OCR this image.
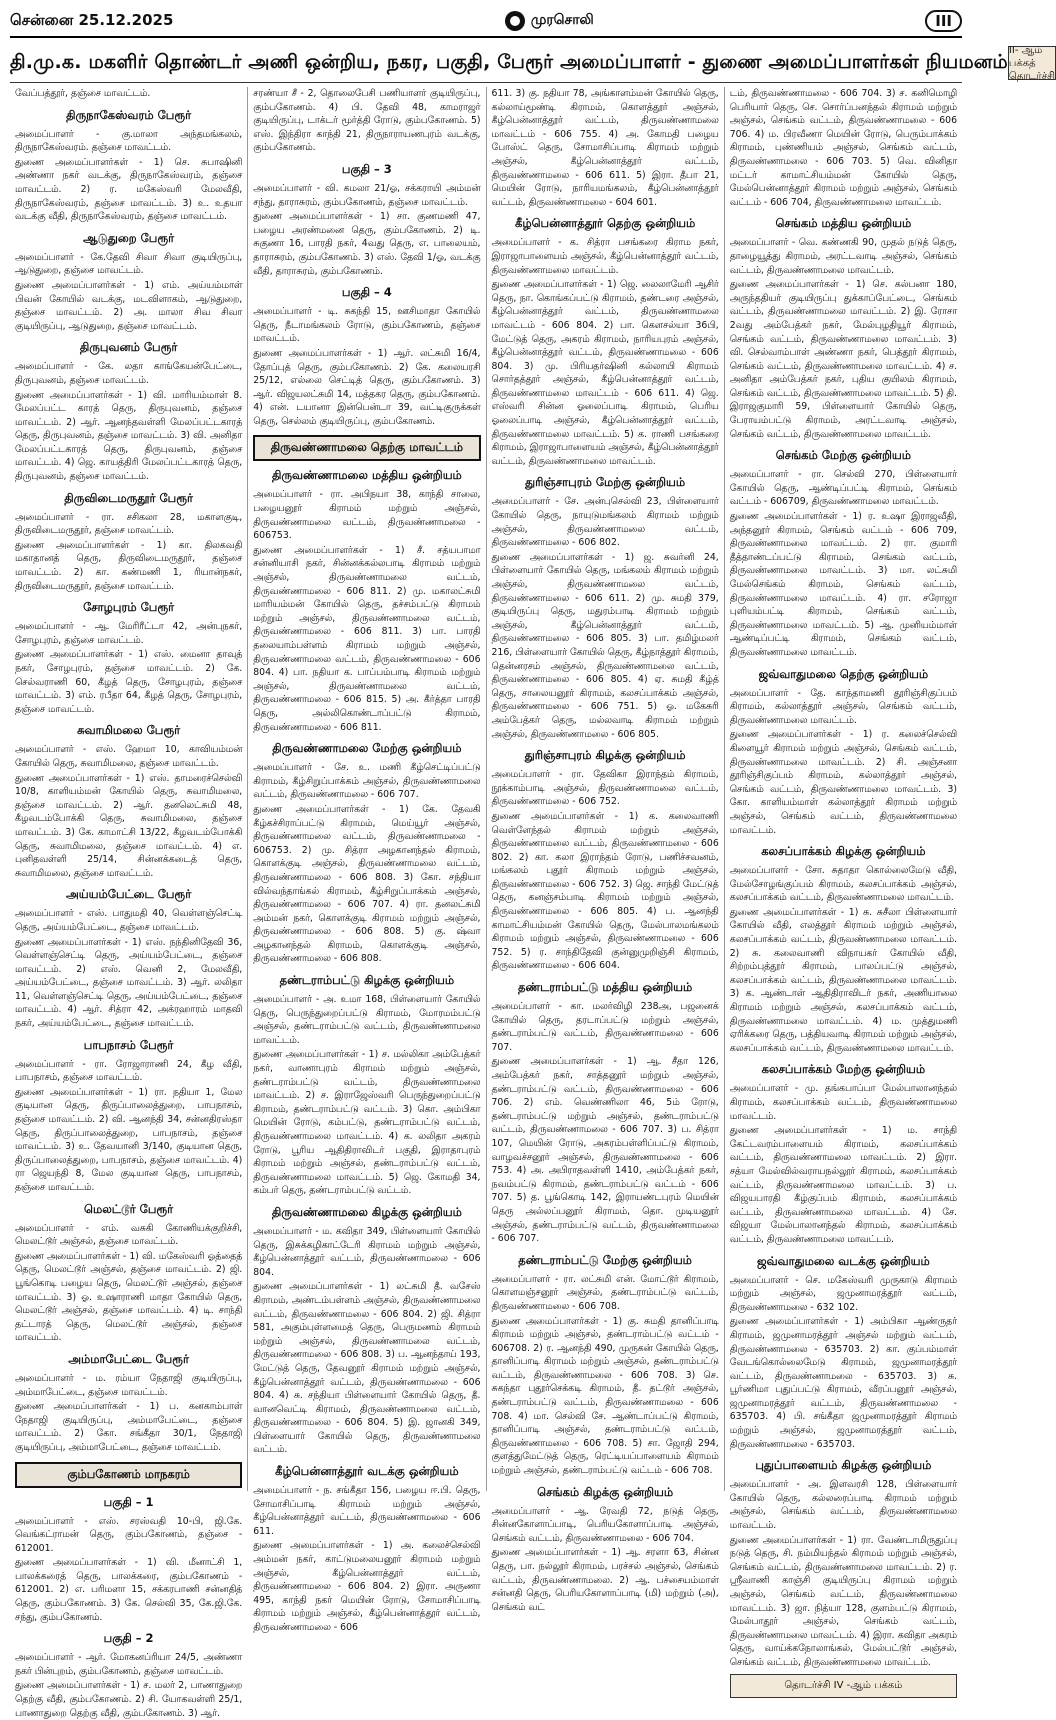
சென்னை 25.12.2025	முரசொலி	III
தி.மு.க. மகளிர் தொண்டர் அணி ஒன்றிய, நகர, பகுதி, பேரூர் அமைப்பாளர் - துணை அமைப்பாளர்கள் நியமனம்
II- ஆம் பக்கத்
தொடர்ச்சி

வேப்பத்தூர், தஞ்சை மாவட்டம்.

திருநாகேஸ்வரம் பேரூர்

அமைப்பாளர் - கு.மாலா அந்தமங்கலம், திருநாகேஸ்வரம். தஞ்சை மாவட்டம்.

துணை அமைப்பாளர்கள் - 1) செ. சுபாஷினி அண்ணா நகர் வடக்கு, திருநாகேஸ்வரம், தஞ்சை மாவட்டம். 2) ர. மகேஸ்வரி மேலவீதி, திருநாகேஸ்வரம், தஞ்சை மாவட்டம். 3) உ. உதயா வடக்கு வீதி, திருநாகேஸ்வரம், தஞ்சை மாவட்டம்.

ஆடுதுறை பேரூர்

அமைப்பாளர் - கே.தேவி சிவா சிவா குடியிருப்பு, ஆடுதுறை, தஞ்சை மாவட்டம்.

துணை அமைப்பாளர்கள் - 1) எம். அய்யம்மாள் பிவன் கோயில் வடக்கு, மடவிளாகம், ஆடுதுறை, தஞ்சை மாவட்டம். 2) அ. மாலா சிவ சிவா குடியிருப்பு, ஆடுதுறை, தஞ்சை மாவட்டம்.

திருபுவனம் பேரூர்

அமைப்பாளர் - கே. லதா காங்கேயன்பேட்டை, திருபுவனம், தஞ்சை மாவட்டம்.

துணை அமைப்பாளர்கள் - 1) வி. மாரியம்மாள் 8. மேலப்பட்ட காரத் தெரு, திருபுவனம், தஞ்சை மாவட்டம். 2) ஆர். ஆனந்தவள்ளி மேலப்பட்டகாரத் தெரு, திருபுவனம், தஞ்சை மாவட்டம். 3) வி. அனிதா மேலப்பட்டகாரத் தெரு, திருபுவனம், தஞ்சை மாவட்டம். 4) ஜெ. காயத்திரி மேலப்பட்டகாரத் தெரு, திருபுவனம், தஞ்சை மாவட்டம்.

திருவிடைமருதூர் பேரூர்

அமைப்பாளர் - ரா. சசிகலா 28, மகாளகுடி, திருவிடைமருதூர், தஞ்சை மாவட்டம்.

துணை அமைப்பாளர்கள் - 1) கா. திலகவதி மகாதானத் தெரு, திருவிடைமருதூர், தஞ்சை மாவட்டம். 2) கா. கண்மணி 1, ரியான்நகர், திருவிடைமருதூர், தஞ்சை மாவட்டம்.

சோழபுரம் பேரூர்

அமைப்பாளர் - ஆ. மேரிரீட்டா 42, அன்புநகர், சோழபுரம், தஞ்சை மாவட்டம்.

துணை அமைப்பாளர்கள் - 1) எஸ். மைனா தாவுத் நகர், சோழபுரம், தஞ்சை மாவட்டம். 2) கே. செல்வராணி 60, கீழத் தெரு, சோழபுரம், தஞ்சை மாவட்டம். 3) எம். ரபீதா 64, கீழத் தெரு, சோழபுரம், தஞ்சை மாவட்டம்.

சுவாமிமலை பேரூர்

அமைப்பாளர் - எஸ். ஹேமா 10, காவியம்மன் கோயில் தெரு, சுவாமிமலை, தஞ்சை மாவட்டம்.

துணை அமைப்பாளர்கள் - 1) எஸ். தாமரைச்செல்வி 10/8, காளியம்மன் கோயில் தெரு, சுவாமிமலை, தஞ்சை மாவட்டம். 2) ஆர். தனலெட்சுமி 48, கீழவடம்போக்கி தெரு, சுவாமிமலை, தஞ்சை மாவட்டம். 3) கே. காமாட்சி 13/22, கீழவடம்போக்கி தெரு, சுவாமிமலை, தஞ்சை மாவட்டம். 4) எ. புனிதவள்ளி 25/14, சின்னக்கடைத் தெரு, சுவாமிமலை, தஞ்சை மாவட்டம்.

அய்யம்பேட்டை பேரூர்

அமைப்பாளர் - எஸ். பாதுமதி 40, வெள்ளஞ்செட்டி தெரு, அய்யம்பேட்டை, தஞ்சை மாவட்டம்.

துணை அமைப்பாளர்கள் - 1) எஸ். நந்தினிதேவி 36, வெள்ளஞ்செட்டி தெரு, அய்யம்பேட்டை, தஞ்சை மாவட்டம். 2) எஸ். வெனி 2, மேலவீதி, அய்யம்பேட்டை, தஞ்சை மாவட்டம். 3) ஆர். லலிதா 11, வெள்ளஞ்செட்டி தெரு, அய்யம்பேட்டை, தஞ்சை மாவட்டம். 4) ஆர். சித்ரா 42, அக்ரஹாரம் மாதவி நகர், அய்யம்பேட்டை, தஞ்சை மாவட்டம்.

பாபநாசம் பேரூர்

அமைப்பாளர் - ரா. ரோஜாராணி 24, கீழ வீதி, பாபநாசம், தஞ்சை மாவட்டம்.

துணை அமைப்பாளர்கள் - 1) ரா. நதியா 1, மேல குடியான தெரு, திருப்பாலைத்துறை, பாபநாசம், தஞ்சை மாவட்டம். 2) வி. ஆனந்தி 34, சன்னதிரஸ்தா தெரு, திருப்பாலைத்துறை, பாபநாசம், தஞ்சை மாவட்டம். 3) உ. தேவயானி 3/140, குடியான தெரு, திருப்பாலைத்துறை, பாபநாசம், தஞ்சை மாவட்டம். 4) ரா ஜெயந்தி 8, மேல குடியான தெரு, பாபநாசம், தஞ்சை மாவட்டம்.

மெலட்டூர் பேரூர்

அமைப்பாளர் - எம். வசுகி கோணியக்குறிச்சி, மெலட்டூர் அஞ்சல், தஞ்சை மாவட்டம்.

துணை அமைப்பாளர்கள் - 1) வி. மகேஸ்வரி ஓத்தைத் தெரு, மெலட்டூர் அஞ்சல், தஞ்சை மாவட்டம். 2) ஜி. பூங்கொடி பழைய தெரு, மெலட்டூர் அஞ்சல், தஞ்சை மாவட்டம். 3) ஓ. உஷாராணி மாதா கோயில் தெரு, மெலட்டூர் அஞ்சல், தஞ்சை மாவட்டம். 4) டி. சாந்தி தட்டாரத் தெரு, மெலட்டூர் அஞ்சல், தஞ்சை மாவட்டம்.

அம்மாபேட்டை பேரூர்

அமைப்பாளர் - ம. ரம்யா நேதாஜி குடியிருப்பு, அம்மாபேட்டை, தஞ்சை மாவட்டம்.

துணை அமைப்பாளர்கள் - 1) ப. கனகாம்பாள் நேதாஜி குடியிருப்பு, அம்மாபேட்டை, தஞ்சை மாவட்டம். 2) கோ. சங்கீதா 30/1, நேதாஜி குடியிருப்பு, அம்மாபேட்டை, தஞ்சை மாவட்டம்.

கும்பகோணம் மாநகரம்
பகுதி – 1

அமைப்பாளர் - எஸ். சரஸ்வதி 10-பி, ஜி.கே. வெங்கட்ராமன் தெரு, கும்பகோணம், தஞ்சை - 612001.

துணை அமைப்பாளர்கள் - 1) வி. மீனாட்சி 1, பாலக்கரைத் தெரு, பாலக்கரை, கும்பகோணம் - 612001. 2) எ. பரிமளா 15, சக்கரபாணி சன்னதித் தெரு, கும்பகோணம். 3) கே. செல்வி 35, கே.ஜி.கே. சந்து, கும்பகோணம்.

பகுதி – 2

அமைப்பாளர் - ஆர். மோகனப்ரியா 24/5, அண்ணா நகர் பின்புறம், கும்பகோணம், தஞ்சை மாவட்டம்.

துணை அமைப்பாளர்கள் - 1) ச. மலர் 2, பாணாதுறை தெற்கு வீதி, கும்பகோணம். 2) சி. யோகவள்ளி 25/1, பாணாதுறை தெற்கு வீதி, கும்பகோணம். 3) ஆர்.

சரண்யா சீ - 2, தொலைபேசி பணியாளர் குடியிருப்பு, கும்பகோணம். 4) பி. தேவி 48, காமராஜர் குடியிருப்பு, டாக்டர் மூர்த்தி ரோடு, கும்பகோணம். 5) எஸ். இந்திரா காந்தி 21, திருநாராயணபுரம் வடக்கு, கும்பகோணம்.

பகுதி – 3

அமைப்பாளர் - வி. கமலா 21/ஓ, சக்கராயி அம்மன் சந்து, தாராசுரம், கும்பகோணம், தஞ்சை மாவட்டம்.

துணை அமைப்பாளர்கள் - 1) சா. குணமணி 47, பழைய அரண்மனை தெரு, கும்பகோணம். 2) டி. சுகுணா 16, பாரதி நகர், 4வது தெரு, எ. பாலையம், தாராசுரம், கும்பகோணம். 3) எஸ். தேவி 1/ஓ, வடக்கு வீதி, தாராசுரம், கும்பகோணம்.

பகுதி – 4

அமைப்பாளர் - டி. சுகந்தி 15, ஊசிமாதா கோயில் தெரு, நீடாமங்கலம் ரோடு, கும்பகோணம், தஞ்சை மாவட்டம்.

துணை அமைப்பாளர்கள் - 1) ஆர். லட்சுமி 16/4, தோப்புத் தெரு, கும்பகோணம். 2) கே. கலையரசி 25/12, எல்லை செட்டித் தெரு, கும்பகோணம். 3) ஆர். விஜயலட்சுமி 14, மத்தகர தெரு, கும்பகோணம். 4) என். டயானா இன்பென்டா 39, வட்டிகுருக்கள் தெரு, செல்லம் குடியிருப்பு, கும்பகோணம்.

திருவண்ணாமலை தெற்கு மாவட்டம்
திருவண்ணாமலை மத்திய ஒன்றியம்

அமைப்பாளர் - ரா. அபிநயா 38, காந்தி சாலை, பழையனூர் கிராமம் மற்றும் அஞ்சல், திருவண்ணாமலை வட்டம், திருவண்ணாமலை - 606753.

துணை அமைப்பாளர்கள் - 1) சீ. சத்யபாமா சன்னியாசி நகர், சின்னக்கல்லபாடி கிராமம் மற்றும் அஞ்சல், திருவண்ணாமலை வட்டம், திருவண்ணாமலை - 606 811. 2) மு. மகாலட்சுமி மாரியம்மன் கோயில் தெரு, தச்சம்பட்டு கிராமம் மற்றும் அஞ்சல், திருவண்ணாமலை வட்டம், திருவண்ணாமலை - 606 811. 3) பா. பாரதி தலையாம்பள்ளம் கிராமம் மற்றும் அஞ்சல், திருவண்ணாமலை வட்டம், திருவண்ணாமலை - 606 804. 4) பா. நதியா க. பாப்பம்பாடி கிராமம் மற்றும் அஞ்சல், திருவண்ணாமலை வட்டம், திருவண்ணாமலை - 606 815. 5) அ. கீர்த்தா பாரதி தெரு, அல்லிகொண்டாப்பட்டு கிராமம், திருவண்ணாமலை - 606 811.

திருவண்ணாமலை மேற்கு ஒன்றியம்

அமைப்பாளர் - சே. உ. மணி கீழ்செட்டிப்பட்டு கிராமம், கீழ்சிறுப்பாக்கம் அஞ்சல், திருவண்ணாமலை வட்டம், திருவண்ணாமலை - 606 707.

துணை அமைப்பாளர்கள் - 1) கே. தேவகி கீழ்கச்சிராப்பட்டு கிராமம், மெய்யூர் அஞ்சல், திருவண்ணாமலை வட்டம், திருவண்ணாமலை - 606753. 2) மு. சித்ரா அழகானந்தல் கிராமம், கொளக்குடி அஞ்சல், திருவண்ணாமலை வட்டம், திருவண்ணாமலை - 606 808. 3) கோ. சந்தியா வில்வந்தாங்கல் கிராமம், கீழ்சிறுப்பாக்கம் அஞ்சல், திருவண்ணாமலை - 606 707. 4) ரா. தனலட்சுமி அம்மன் நகர், கொளக்குடி கிராமம் மற்றும் அஞ்சல், திருவண்ணாமலை - 606 808. 5) கு. ஷ்வா அழகானந்தல் கிராமம், கொளக்குடி அஞ்சல், திருவண்ணாமலை - 606 808.

தண்டராம்பட்டு கிழக்கு ஒன்றியம்

அமைப்பாளர் - அ. உமா 168, பிள்ளையார் கோயில் தெரு, பெருந்துறைப்பட்டு கிராமம், மோரமம்பட்டு அஞ்சல், தண்டராம்பட்டு வட்டம், திருவண்ணாமலை மாவட்டம்.

துணை அமைப்பாளர்கள் - 1) ச. மல்லிகா அம்பேத்கர் நகர், வாணாபுரம் கிராமம் மற்றும் அஞ்சல், தண்டராம்பட்டு வட்டம், திருவண்ணாமலை மாவட்டம். 2) ச. இராஜேஸ்வரி பெருந்துறைப்பட்டு கிராமம், தண்டராம்பட்டு வட்டம். 3) கொ. அம்பிகா மெயின் ரோடு, கம்பட்டு, தண்டராம்பட்டு வட்டம், திருவண்ணாமலை மாவட்டம். 4) க. லலிதா அகரம் ரோடு, பூரிய ஆதிதிராவிடர் பகுதி, இராதாபுரம் கிராமம் மற்றும் அஞ்சல், தண்டராம்பட்டு வட்டம், திருவண்ணாமலை மாவட்டம். 5) ஜெ. கோமதி 34, கம்பர் தெரு, தண்டராம்பட்டு வட்டம்.

திருவண்ணாமலை கிழக்கு ஒன்றியம்

அமைப்பாளர் - ம. கவிதா 349, பிள்ளையார் கோயில் தெரு, இசுக்கழிகாட்டேரி கிராமம் மற்றும் அஞ்சல், கீழ்பென்னாத்தூர் வட்டம், திருவண்ணாமலை - 606 804.

துணை அமைப்பாளர்கள் - 1) லட்சுமி தீ. வசேஸ் கிராமம், அண்டம்பள்ளம் அஞ்சல், திருவண்ணாமலை வட்டம், திருவண்ணாமலை - 606 804. 2) ஜி. சித்ரா 581, அகும்புள்ளமைத் தெரு, பெருமணம் கிராமம் மற்றும் அஞ்சல், திருவண்ணாமலை வட்டம், திருவண்ணாமலை - 606 808. 3) ப. ஆனந்தாய் 193, மேட்டுத் தெரு, தேவனூர் கிராமம் மற்றும் அஞ்சல், கீழ்பென்னாத்தூர் வட்டம், திருவண்ணாமலை - 606 804. 4) சு. சந்தியா பிள்ளையார் கோயில் தெரு, தீ. வானவெட்டி கிராமம், திருவண்ணாமலை வட்டம், திருவண்ணாமலை - 606 804. 5) இ. ஜானகி 349, பிள்ளையார் கோயில் தெரு, திருவண்ணாமலை வட்டம்.

கீழ்பென்னாத்தூர் வடக்கு ஒன்றியம்

அமைப்பாளர் - ந. சங்கீதா 156, பழைய ஈ.பி. தெரு, சோமாசிப்பாடி கிராமம் மற்றும் அஞ்சல், கீழ்பென்னாத்தூர் வட்டம், திருவண்ணாமலை - 606 611.

துணை அமைப்பாளர்கள் - 1) அ. கலைச்செல்வி அம்மன் நகர், காட்டுமலையனூர் கிராமம் மற்றும் அஞ்சல், கீழ்பென்னாத்தூர் வட்டம், திருவண்ணாமலை - 606 804. 2) இரா. அருணா 495, காந்தி நகர் மெயின் ரோடு, சோமாசிப்பாடி கிராமம் மற்றும் அஞ்சல், கீழ்பென்னாத்தூர் வட்டம், திருவண்ணாமலை - 606

611. 3) கு. நதியா 78, அங்காளம்மன் கோயில் தெரு, கல்லாய்மூண்டி கிராமம், கொளத்தூர் அஞ்சல், கீழ்பென்னாத்தூர் வட்டம், திருவண்ணாமலை மாவட்டம் - 606 755. 4) அ. கோமதி பழைய போஸ்ட் தெரு, சோமாசிப்பாடி கிராமம் மற்றும் அஞ்சல், கீழ்பென்னாத்தூர் வட்டம், திருவண்ணாமலை - 606 611. 5) இரா. தீபா 21, மெயின் ரோடு, நாரியமங்கலம், கீழ்பென்னாத்தூர் வட்டம், திருவண்ணாமலை - 604 601.

கீழ்பென்னாத்தூர் தெற்கு ஒன்றியம்

அமைப்பாளர் - க. சித்ரா பசங்கரை கிராம நகர், இராஜாபாளையம் அஞ்சல், கீழ்பென்னாத்தூர் வட்டம், திருவண்ணாமலை மாவட்டம்.

துணை அமைப்பாளர்கள் - 1) ஜெ. லைலாமேரி ஆசிர் தெரு, நா. கொங்கப்பட்டு கிராமம், தண்டரை அஞ்சல், கீழ்பென்னாத்தூர் வட்டம், திருவண்ணாமலை மாவட்டம் - 606 804. 2) பா. கௌசல்யா 36பி, மேட்டுத் தெரு, அகரம் கிராமம், நாரியபுரம் அஞ்சல், கீழ்பென்னாத்தூர் வட்டம், திருவண்ணாமலை - 606 804. 3) மு. பிரியதர்ஷினி கல்லாயி கிராமம் சொர்தத்தூர் அஞ்சல், கீழ்பென்னாத்தூர் வட்டம், திருவண்ணாமலை மாவட்டம் - 606 611. 4) ஜெ. எஸ்வரி சின்ன ஓலைப்பாடி கிராமம், பெரிய ஓலைப்பாடி அஞ்சல், கீழ்பென்னாத்தூர் வட்டம், திருவண்ணாமலை மாவட்டம். 5) க. ராணி பசங்கரை கிராமம், இராஜாபாளையம் அஞ்சல், கீழ்பென்னாத்தூர் வட்டம், திருவண்ணாமலை மாவட்டம்.

துரிஞ்சாபுரம் மேற்கு ஒன்றியம்

அமைப்பாளர் - சே. அன்புசெல்வி 23, பிள்ளையார் கோயில் தெரு, நாயுடுமங்கலம் கிராமம் மற்றும் அஞ்சல், திருவண்ணாமலை வட்டம், திருவண்ணாமலை - 606 802.

துணை அமைப்பாளர்கள் - 1) ஜ. சுவர்னி 24, பிள்ளையார் கோயில் தெரு, மங்கலம் கிராமம் மற்றும் அஞ்சல், திருவண்ணாமலை வட்டம், திருவண்ணாமலை - 606 611. 2) மு. சுமதி 379, குடியிருப்பு தெரு, மதுரம்பாடி கிராமம் மற்றும் அஞ்சல், கீழ்பென்னாத்தூர் வட்டம், திருவண்ணாமலை - 606 805. 3) பா. தமிழ்மலர் 216, பிள்ளையார் கோயில் தெரு, கீழ்நாத்தூர் கிராமம், தென்னரசம் அஞ்சல், திருவண்ணாமலை வட்டம், திருவண்ணாமலை - 606 805. 4) ஏ. சுமதி கீழ்த் தெரு, சாலையனூர் கிராமம், கலசப்பாக்கம் அஞ்சல், திருவண்ணாமலை - 606 751. 5) ஓ. மகேசுரி அம்பேத்கர் தெரு, மல்லவாடி கிராமம் மற்றும் அஞ்சல், திருவண்ணாமலை - 606 805.

துரிஞ்சாபுரம் கிழக்கு ஒன்றியம்

அமைப்பாளர் - ரா. தேவிகா இராந்தம் கிராமம், நூக்காம்பாடி அஞ்சல், திருவண்ணாமலை வட்டம், திருவண்ணாமலை - 606 752.

துணை அமைப்பாளர்கள் - 1) க. கலைவாணி வெள்ளேந்தல் கிராமம் மற்றும் அஞ்சல், திருவண்ணாமலை வட்டம், திருவண்ணாமலை - 606 802. 2) கா. கலா இராந்தம் ரோடு, பணிச்சவனம், மங்கலம் புதூர் கிராமம் மற்றும் அஞ்சல், திருவண்ணாமலை - 606 752. 3) ஜெ. சாந்தி மேட்டுத் தெரு, கனஞ்சம்பாடி கிராமம் மற்றும் அஞ்சல், திருவண்ணாமலை - 606 805. 4) ப. ஆனந்தி காமாட்சியம்மன் கோயில் தெரு, மேல்பாலமங்கலம் கிராமம் மற்றும் அஞ்சல், திருவண்ணாமலை - 606 752. 5) ர. சாந்திதேவி குன்னுமுறிஞ்சி கிராமம், திருவண்ணாமலை - 606 604.

தண்டராம்பட்டு மத்திய ஒன்றியம்

அமைப்பாளர் - கா. மலர்விழி 238அ, பஜனைக் கோயில் தெரு, தரடாப்பட்டு மற்றும் அஞ்சல், தண்டராம்பட்டு வட்டம், திருவண்ணாமலை - 606 707.

துணை அமைப்பாளர்கள் - 1) ஆ. சீதா 126, அம்பேத்கர் நகர், சாத்தனூர் மற்றும் அஞ்சல், தண்டராம்பட்டு வட்டம், திருவண்ணாமலை - 606 706. 2) எம். வெண்ணிலா 46, 5ம் ரோடு, தண்டராம்பட்டு மற்றும் அஞ்சல், தண்டராம்பட்டு வட்டம், திருவண்ணாமலை - 606 707. 3) ப. சித்ரா 107, மெயின் ரோடு, அகரம்பள்ளிப்பட்டு கிராமம், வாழவச்சனூர் அஞ்சல், திருவண்ணாமலை - 606 753. 4) அ. அபிராதவள்ளி 1410, அம்பேத்கர் நகர், நவம்பட்டு கிராமம், தண்டராம்பட்டு வட்டம் - 606 707. 5) த. பூங்கொடி 142, இராயண்டபுரம் மெயின் தெரு அல்லப்பனூர் கிராமம், தொ. முடியனூர் அஞ்சல், தண்டராம்பட்டு வட்டம், திருவண்ணாமலை - 606 707.

தண்டராம்பட்டு மேற்கு ஒன்றியம்

அமைப்பாளர் - ரா. லட்சுமி என். மோட்டூர் கிராமம், கொளமஞ்சனூர் அஞ்சல், தண்டராம்பட்டு வட்டம், திருவண்ணாமலை - 606 708.

துணை அமைப்பாளர்கள் - 1) கு. சுமதி தானிப்பாடி கிராமம் மற்றும் அஞ்சல், தண்டராம்பட்டு வட்டம் - 606708. 2) ர. ஆனந்தி 490, முருகன் கோயில் தெரு, தானிப்பாடி கிராமம் மற்றும் அஞ்சல், தண்டராம்பட்டு வட்டம், திருவண்ணாமலை - 606 708. 3) செ. சுகந்தா புதூர்செக்கடி கிராமம், தீ. தட்டூர் அஞ்சல், தண்டராம்பட்டு வட்டம், திருவண்ணாமலை - 606 708. 4) மா. செல்வி சே. ஆண்டாப்பட்டு கிராமம், தானிப்பாடி அஞ்சல், தண்டராம்பட்டு வட்டம், திருவண்ணாமலை - 606 708. 5) சா. ஜோதி 294, குளத்துமேட்டுத் தெரு, ரெட்டியப்பாளையம் கிராமம் மற்றும் அஞ்சல், தண்டராம்பட்டு வட்டம் - 606 708.

செங்கம் கிழக்கு ஒன்றியம்

அமைப்பாளர் - ஆ. ரேவதி 72, நடுத் தெரு, சின்னகோளாப்பாடி, பெரியகோளாப்பாடி அஞ்சல், செங்கம் வட்டம், திருவண்ணாமலை - 606 704.

துணை அமைப்பாளர்கள் - 1) ஆ. சரளா 63, சின்ன தெரு, பா. நல்லூர் கிராமம், பரச்சல் அஞ்சல், செங்கம் வட்டம், திருவண்ணாமலை. 2) ஆ. பச்சையம்மாள் சன்னதி தெரு, பெரியகோளாப்பாடி (மி) மற்றும் (அ), செங்கம் வட்

டம், திருவண்ணாமலை - 606 704. 3) ச. கனிமொழி பெரியார் தெரு, செ. சொர்ப்பனந்தல் கிராமம் மற்றும் அஞ்சல், செங்கம் வட்டம், திருவண்ணாமலை - 606 706. 4) ம. பிரவீணா மெயின் ரோடு, பெரும்பாக்கம் கிராமம், புண்ணியம் அஞ்சல், செங்கம் வட்டம், திருவண்ணாமலை - 606 703. 5) வெ. வினிதா மட்டர் காமாட்சியம்மன் கோயில் தெரு, மேல்பென்னாத்தூர் கிராமம் மற்றும் அஞ்சல், செங்கம் வட்டம் - 606 704, திருவண்ணாமலை மாவட்டம்.

செங்கம் மத்திய ஒன்றியம்

அமைப்பாளர் - வெ. கண்ணகி 90, முதல் நடுத் தெரு, தாழையூத்து கிராமம், அரட்டவாடி அஞ்சல், செங்கம் வட்டம், திருவண்ணாமலை மாவட்டம்.

துணை அமைப்பாளர்கள் - 1) செ. கல்பனா 180, அருந்ததியர் குடியிருப்பு துக்காப்பேட்டை, செங்கம் வட்டம், திருவண்ணாமலை மாவட்டம். 2) இ. ரோசா 2வது அம்பேத்கர் நகர், மேல்புழதியூர் கிராமம், செங்கம் வட்டம், திருவண்ணாமலை மாவட்டம். 3) வி. செல்வாம்பாள் அண்ணா நகர், பெத்தூர் கிராமம், செங்கம் வட்டம், திருவண்ணாமலை மாவட்டம். 4) ச. அனிதா அம்பேத்கர் நகர், புதிய குயிலம் கிராமம், செங்கம் வட்டம், திருவண்ணாமலை மாவட்டம். 5) தி. இராஜகுமாரி 59, பிள்ளையார் கோயில் தெரு, பேராயம்பட்டு கிராமம், அரட்டவாடி அஞ்சல், செங்கம் வட்டம், திருவண்ணாமலை மாவட்டம்.

செங்கம் மேற்கு ஒன்றியம்

அமைப்பாளர் - ரா. செல்வி 270, பிள்ளையார் கோயில் தெரு, ஆண்டிப்பட்டி கிராமம், செங்கம் வட்டம் - 606709, திருவண்ணாமலை மாவட்டம்.

துணை அமைப்பாளர்கள் - 1) ர. உஷா இராஜவீதி, அந்தனூர் கிராமம், செங்கம் வட்டம் - 606 709, திருவண்ணாமலை மாவட்டம். 2) ரா. குமாரி தீத்தாண்டப்பட்டு கிராமம், செங்கம் வட்டம், திருவண்ணாமலை மாவட்டம். 3) மா. லட்சுமி மேல்செங்கம் கிராமம், செங்கம் வட்டம், திருவண்ணாமலை மாவட்டம். 4) ரா. சரோஜா புளியம்பட்டி கிராமம், செங்கம் வட்டம், திருவண்ணாமலை மாவட்டம். 5) ஆ. முனியம்மாள் ஆண்டிப்பட்டி கிராமம், செங்கம் வட்டம், திருவண்ணாமலை மாவட்டம்.

ஜவ்வாதுமலை தெற்கு ஒன்றியம்

அமைப்பாளர் - தே. காந்தாமணி தூரிஞ்சிகுப்பம் கிராமம், கல்லாத்தூர் அஞ்சல், செங்கம் வட்டம், திருவண்ணாமலை மாவட்டம்.

துணை அமைப்பாளர்கள் - 1) ர. கலைச்செல்வி கிளையூர் கிராமம் மற்றும் அஞ்சல், செங்கம் வட்டம், திருவண்ணாமலை மாவட்டம். 2) சி. அஞ்சனா தூரிஞ்சிகுப்பம் கிராமம், கல்லாத்தூர் அஞ்சல், செங்கம் வட்டம், திருவண்ணாமலை மாவட்டம். 3) கோ. காளியம்மாள் கல்லாத்தூர் கிராமம் மற்றும் அஞ்சல், செங்கம் வட்டம், திருவண்ணாமலை மாவட்டம்.

கலசப்பாக்கம் கிழக்கு ஒன்றியம்

அமைப்பாளர் - சோ. சுதாதா கொல்லைமேடு வீதி, மேல்சோழங்குப்பம் கிராமம், கலசப்பாக்கம் அஞ்சல், கலசப்பாக்கம் வட்டம், திருவண்ணாமலை மாவட்டம்.

துணை அமைப்பாளர்கள் - 1) சு. சுசீலா பிள்ளையார் கோயில் வீதி, எலத்தூர் கிராமம் மற்றும் அஞ்சல், கலசப்பாக்கம் வட்டம், திருவண்ணாமலை மாவட்டம். 2) சு. கலைவாணி விநாயகர் கோயில் வீதி, சிற்றம்புத்தூர் கிராமம், பாலப்பட்டு அஞ்சல், கலசப்பாக்கம் வட்டம், திருவண்ணாமலை மாவட்டம். 3) க. ஆண்டாள் ஆதிதிராவிடர் நகர், அணியாலை கிராமம் மற்றும் அஞ்சல், கலசப்பாக்கம் வட்டம், திருவண்ணாமலை மாவட்டம். 4) ம. முத்துமணி ஏரிக்கரை தெரு, பத்தியவாடி கிராமம் மற்றும் அஞ்சல், கலசப்பாக்கம் வட்டம், திருவண்ணாமலை மாவட்டம்.

கலசப்பாக்கம் மேற்கு ஒன்றியம்

அமைப்பாளர் - மு. தங்கபாப்பா மேல்பாலானந்தல் கிராமம், கலசப்பாக்கம் வட்டம், திருவண்ணாமலை மாவட்டம்.

துணை அமைப்பாளர்கள் - 1) ம. சாந்தி கேட்டவரம்பாளையம் கிராமம், கலசப்பாக்கம் வட்டம், திருவண்ணாமலை மாவட்டம். 2) இரா. சத்யா மேல்வில்வராயநல்லூர் கிராமம், கலசப்பாக்கம் வட்டம், திருவண்ணாமலை மாவட்டம். 3) ப. விஜயபாரதி கீழ்குப்பம் கிராமம், கலசப்பாக்கம் வட்டம், திருவண்ணாமலை மாவட்டம். 4) சே. விஜயா மேல்பாலானந்தல் கிராமம், கலசப்பாக்கம் வட்டம், திருவண்ணாமலை மாவட்டம்.

ஜவ்வாதுமலை வடக்கு ஒன்றியம்

அமைப்பாளர் - செ. மகேஸ்வரி முருகாடு கிராமம் மற்றும் அஞ்சல், ஜமுனாமரத்தூர் வட்டம், திருவண்ணாமலை - 632 102.

துணை அமைப்பாளர்கள் - 1) அம்பிகா ஆண்ருதர் கிராமம், ஜமுனாமரத்தூர் அஞ்சல் மற்றும் வட்டம், திருவண்ணாமலை - 635703. 2) கா. குப்பம்மாள் வேடங்கொல்லைமேடு கிராமம், ஜமுனாமரத்தூர் வட்டம், திருவண்ணாமலை - 635703. 3) சு. பூர்ணிமா புதுப்பட்டு கிராமம், வீரப்பனூர் அஞ்சல், ஜமுனாமரத்தூர் வட்டம், திருவண்ணாமலை - 635703. 4) பி. சங்கீதா ஜமுனாமரத்தூர் கிராமம் மற்றும் அஞ்சல், ஜமுனாமரத்தூர் வட்டம், திருவண்ணாமலை - 635703.

புதுப்பாளையம் கிழக்கு ஒன்றியம்

அமைப்பாளர் - அ. இளவரசி 128, பிள்ளையார் கோயில் தெரு, கல்லரைப்பாடி கிராமம் மற்றும் அஞ்சல், செங்கம் வட்டம், திருவண்ணாமலை மாவட்டம்.

துணை அமைப்பாளர்கள் - 1) ரா. வேண்டாமிருதுப்பு நடுத் தெரு, சி. நம்மியந்தல் கிராமம் மற்றும் அஞ்சல், செங்கம் வட்டம், திருவண்ணாமலை மாவட்டம். 2) ர. ஸ்ரீவாணி காஞ்சி குடியிருப்பு கிராமம் மற்றும் அஞ்சல், செங்கம் வட்டம், திருவண்ணாமலை மாவட்டம். 3) ஜா. நித்யா 128, குளம்பட்டு கிராமம், மேல்பாதூர் அஞ்சல், செங்கம் வட்டம், திருவண்ணாமலை மாவட்டம். 4) இரா. கவிதா அகரம் தெரு, வாய்க்கநோலாங்கல், மேல்பட்டூர் அஞ்சல், செங்கம் வட்டம், திருவண்ணாமலை மாவட்டம்.

தொடர்ச்சி IV -ஆம் பக்கம்
